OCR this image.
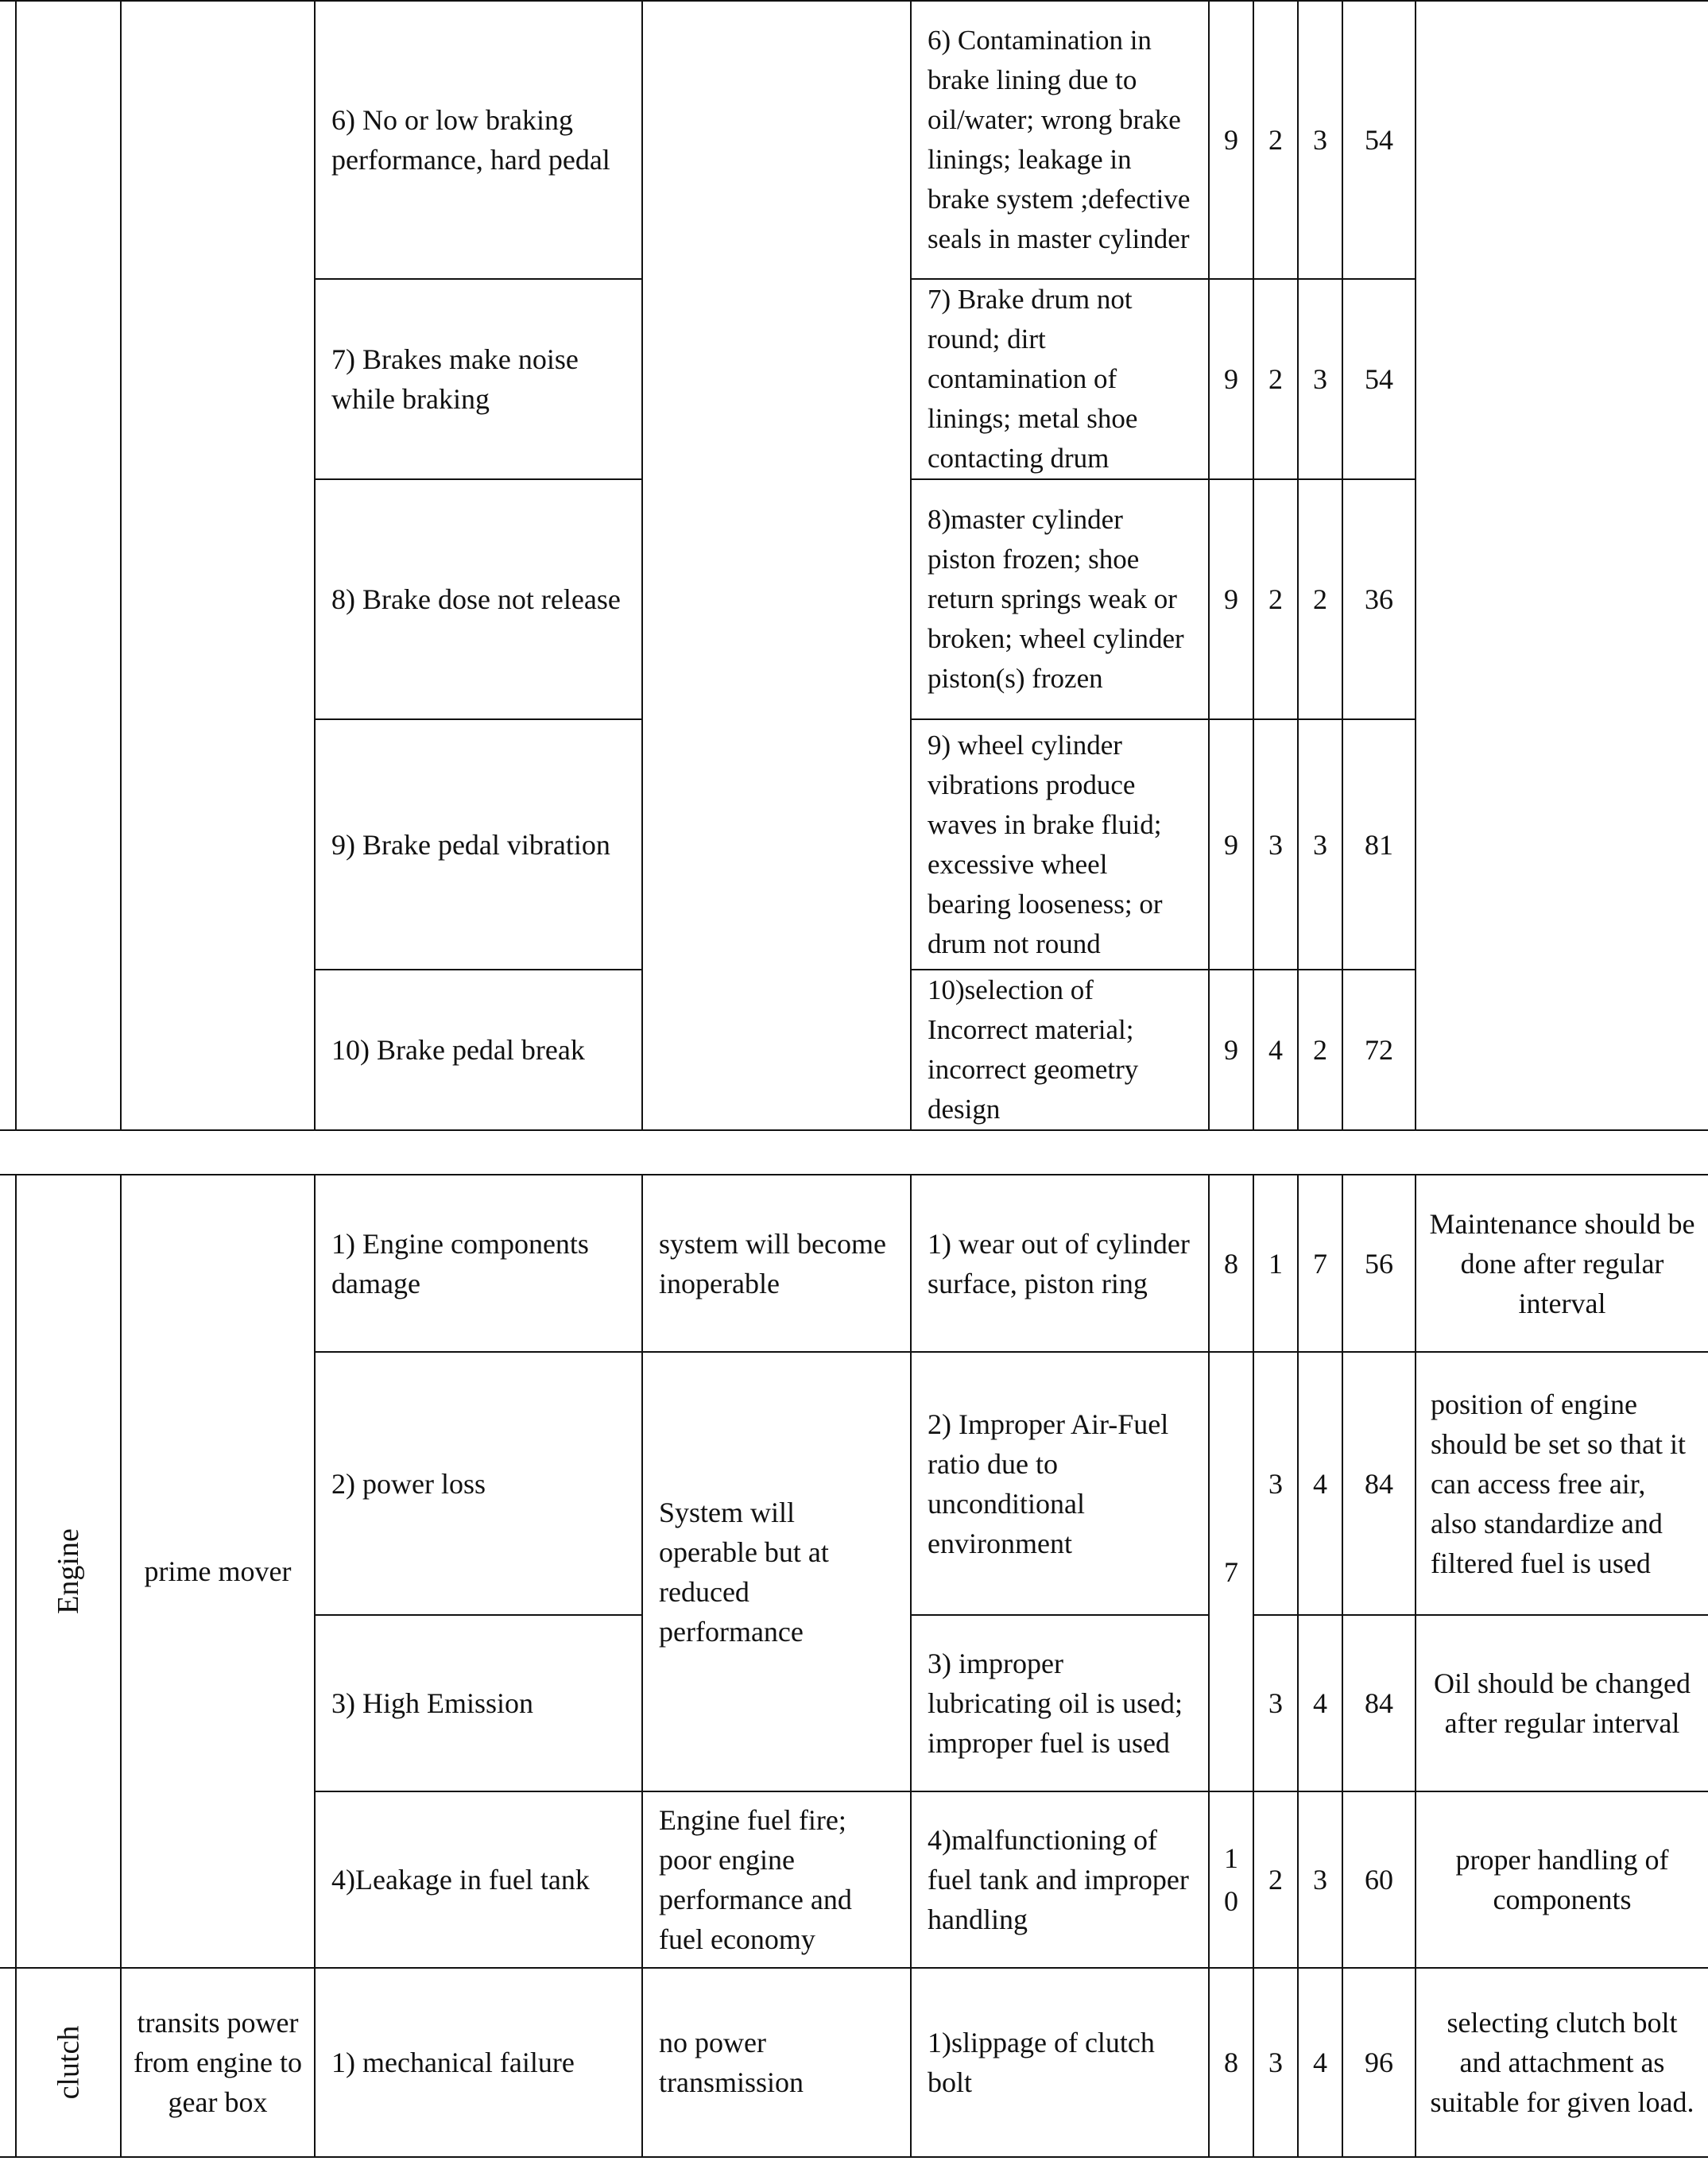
			6) No or low braking performance, hard pedal		6) Contamination in brake lining due to oil/water; wrong brake linings; leakage in brake system ;defective seals in master cylinder	9	2	3	54	
			7) Brakes make noise while braking		7) Brake drum not round; dirt contamination of linings; metal shoe contacting drum	9	2	3	54	
			8) Brake dose not release		8)master cylinder piston frozen; shoe return springs weak or broken; wheel cylinder piston(s) frozen	9	2	2	36	
			9) Brake pedal vibration		9) wheel cylinder vibrations produce waves in brake fluid; excessive wheel bearing looseness; or drum not round	9	3	3	81	
			10) Brake pedal break		10)selection of Incorrect material; incorrect geometry design	9	4	2	72	
	Engine	prime mover	1) Engine components damage	system will become inoperable	1) wear out of cylinder surface, piston ring	8	1	7	56	Maintenance should be done after regular interval
			2) power loss	System will operable but at reduced performance	2) Improper Air-Fuel ratio due to unconditional environment	7	3	4	84	position of engine should be set so that it can access free air, also standardize and filtered fuel is used
			3) High Emission		3) improper lubricating oil is used; improper fuel is used		3	4	84	Oil should be changed after regular interval
			4)Leakage in fuel tank	Engine fuel fire; poor engine performance and fuel economy	4)malfunctioning of fuel tank and improper handling	1 0	2	3	60	proper handling of components
	clutch	transits power from engine to gear box	1) mechanical failure	no power transmission	1)slippage of clutch bolt	8	3	4	96	selecting clutch bolt and attachment as suitable for given load.
